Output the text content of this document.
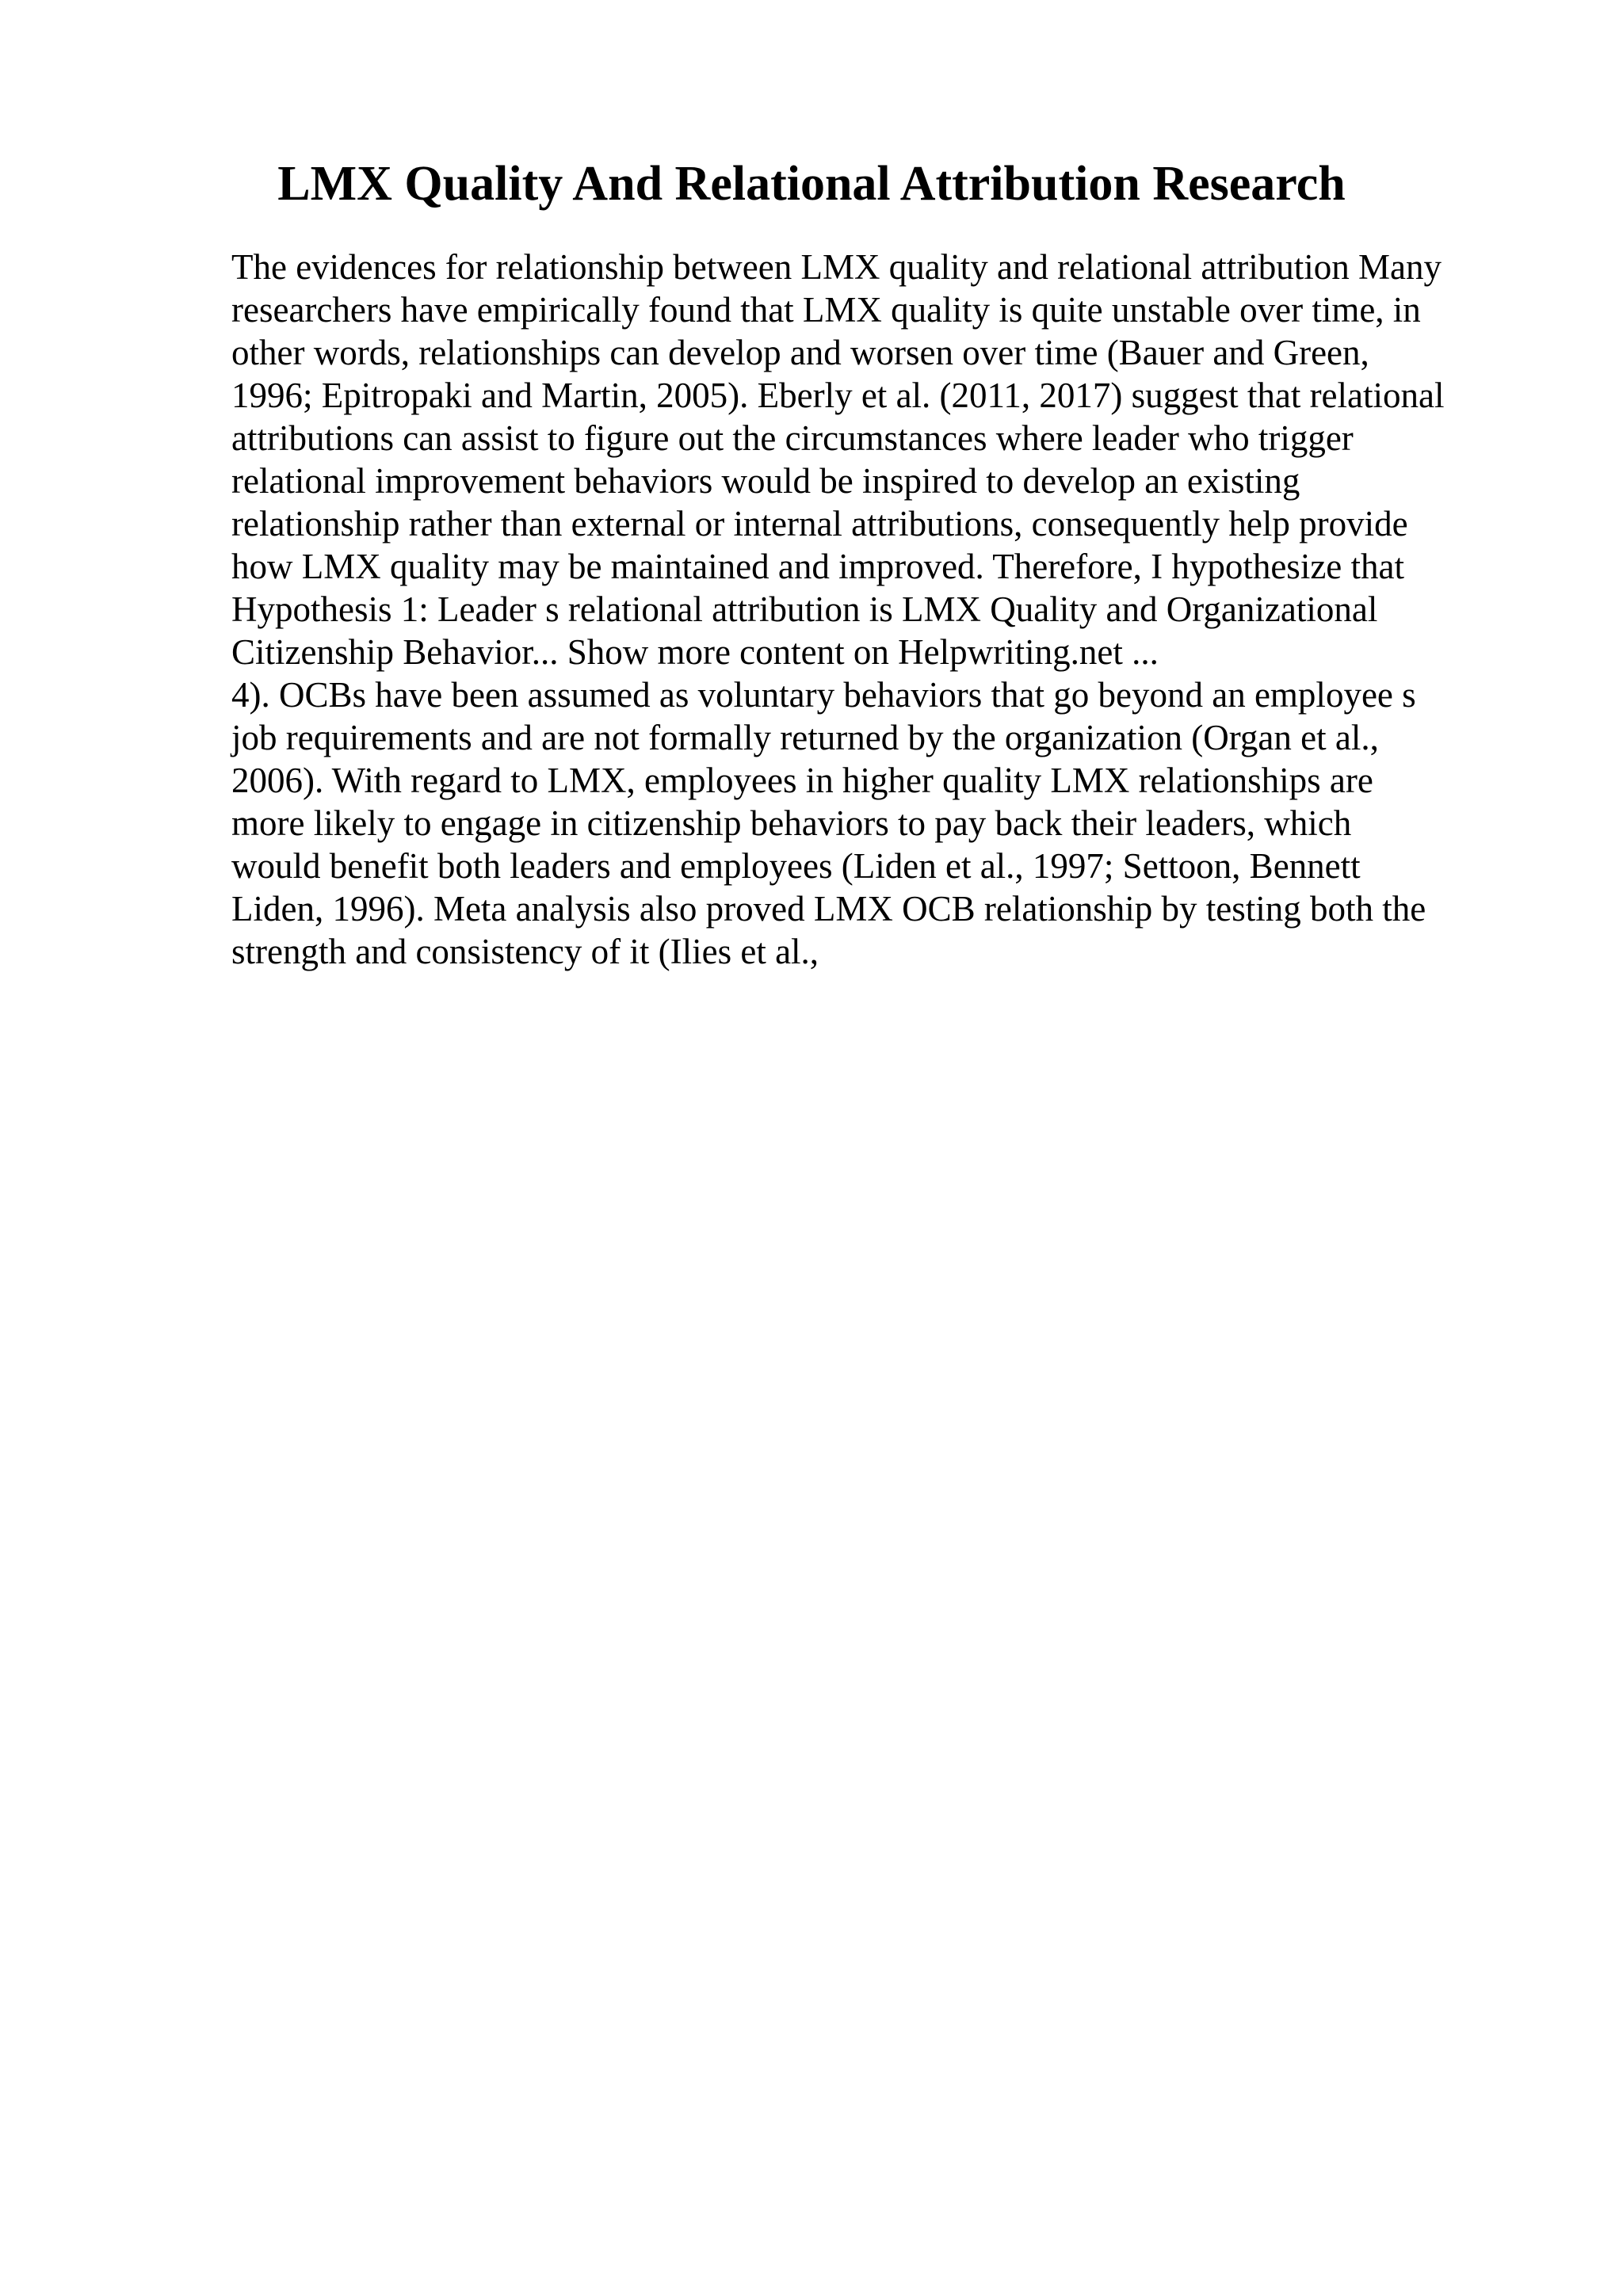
LMX Quality And Relational Attribution Research
The evidences for relationship between LMX quality and relational attribution Many
researchers have empirically found that LMX quality is quite unstable over time, in
other words, relationships can develop and worsen over time (Bauer and Green,
1996; Epitropaki and Martin, 2005). Eberly et al. (2011, 2017) suggest that relational
attributions can assist to figure out the circumstances where leader who trigger
relational improvement behaviors would be inspired to develop an existing
relationship rather than external or internal attributions, consequently help provide
how LMX quality may be maintained and improved. Therefore, I hypothesize that
Hypothesis 1: Leader s relational attribution is LMX Quality and Organizational
Citizenship Behavior... Show more content on Helpwriting.net ...
4). OCBs have been assumed as voluntary behaviors that go beyond an employee s
job requirements and are not formally returned by the organization (Organ et al.,
2006). With regard to LMX, employees in higher quality LMX relationships are
more likely to engage in citizenship behaviors to pay back their leaders, which
would benefit both leaders and employees (Liden et al., 1997; Settoon, Bennett
Liden, 1996). Meta analysis also proved LMX OCB relationship by testing both the
strength and consistency of it (Ilies et al.,
